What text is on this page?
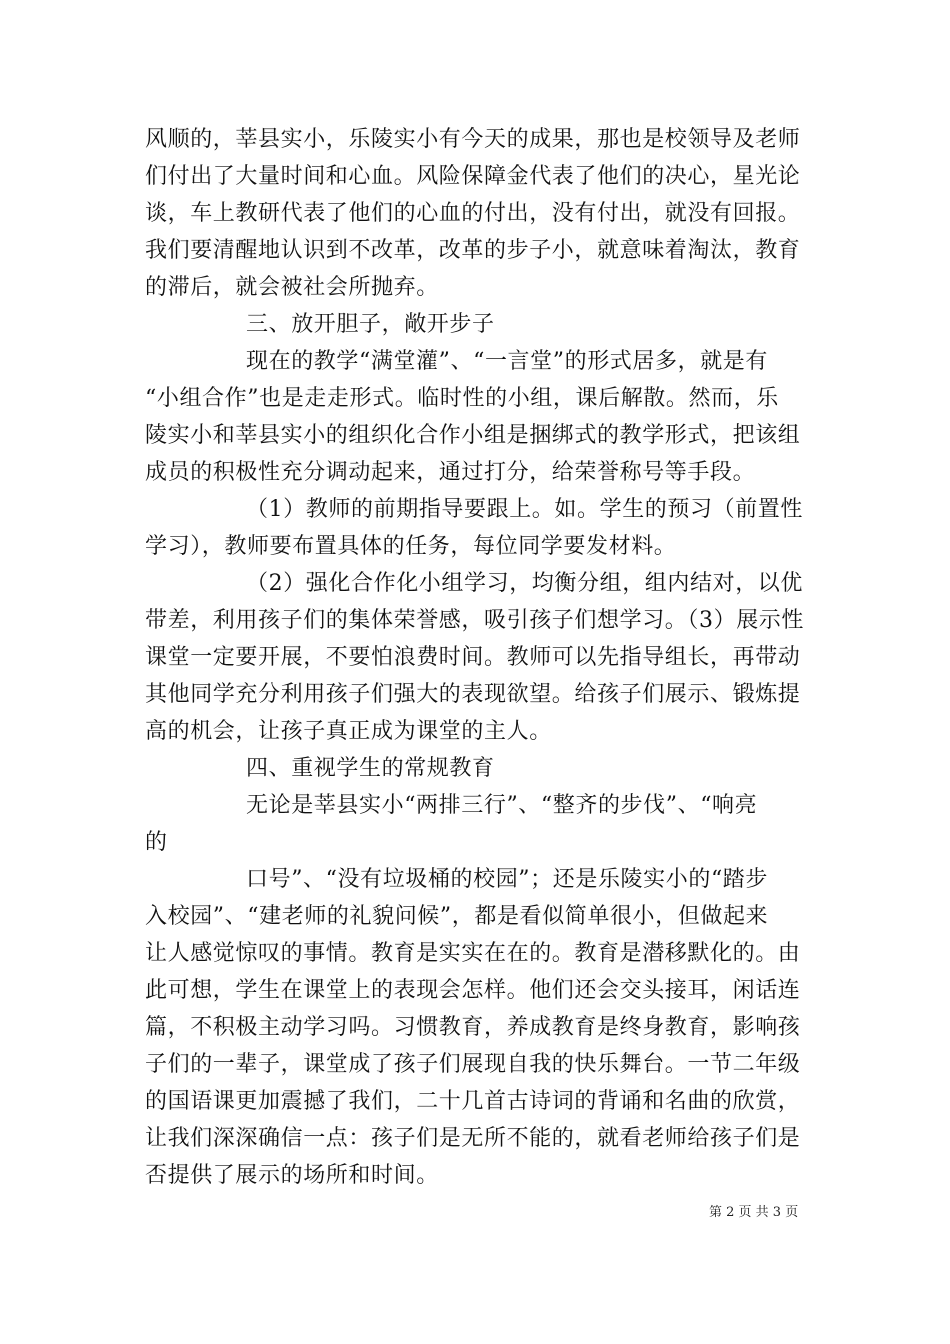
风顺的，莘县实小，乐陵实小有今天的成果，那也是校领导及老师
们付出了大量时间和心血。风险保障金代表了他们的决心，星光论
谈，车上教研代表了他们的心血的付出，没有付出，就没有回报。
我们要清醒地认识到不改革，改革的步子小，就意味着淘汰，教育
的滞后，就会被社会所抛弃。
三、放开胆子，敞开步子
现在的教学“满堂灌”、“一言堂”的形式居多，就是有
“小组合作”也是走走形式。临时性的小组，课后解散。然而，乐
陵实小和莘县实小的组织化合作小组是捆绑式的教学形式，把该组
成员的积极性充分调动起来，通过打分，给荣誉称号等手段。
（1）教师的前期指导要跟上。如。学生的预习（前置性
学习），教师要布置具体的任务，每位同学要发材料。
（2）强化合作化小组学习，均衡分组，组内结对，以优
带差，利用孩子们的集体荣誉感，吸引孩子们想学习。（3）展示性
课堂一定要开展，不要怕浪费时间。教师可以先指导组长，再带动
其他同学充分利用孩子们强大的表现欲望。给孩子们展示、锻炼提
高的机会，让孩子真正成为课堂的主人。
四、重视学生的常规教育
无论是莘县实小“两排三行”、“整齐的步伐”、“响亮
的
口号”、“没有垃圾桶的校园”；还是乐陵实小的“踏步
入校园”、“建老师的礼貌问候”，都是看似简单很小，但做起来
让人感觉惊叹的事情。教育是实实在在的。教育是潜移默化的。由
此可想，学生在课堂上的表现会怎样。他们还会交头接耳，闲话连
篇，不积极主动学习吗。习惯教育，养成教育是终身教育，影响孩
子们的一辈子，课堂成了孩子们展现自我的快乐舞台。一节二年级
的国语课更加震撼了我们，二十几首古诗词的背诵和名曲的欣赏，
让我们深深确信一点：孩子们是无所不能的，就看老师给孩子们是
否提供了展示的场所和时间。
第 2 页 共 3 页
